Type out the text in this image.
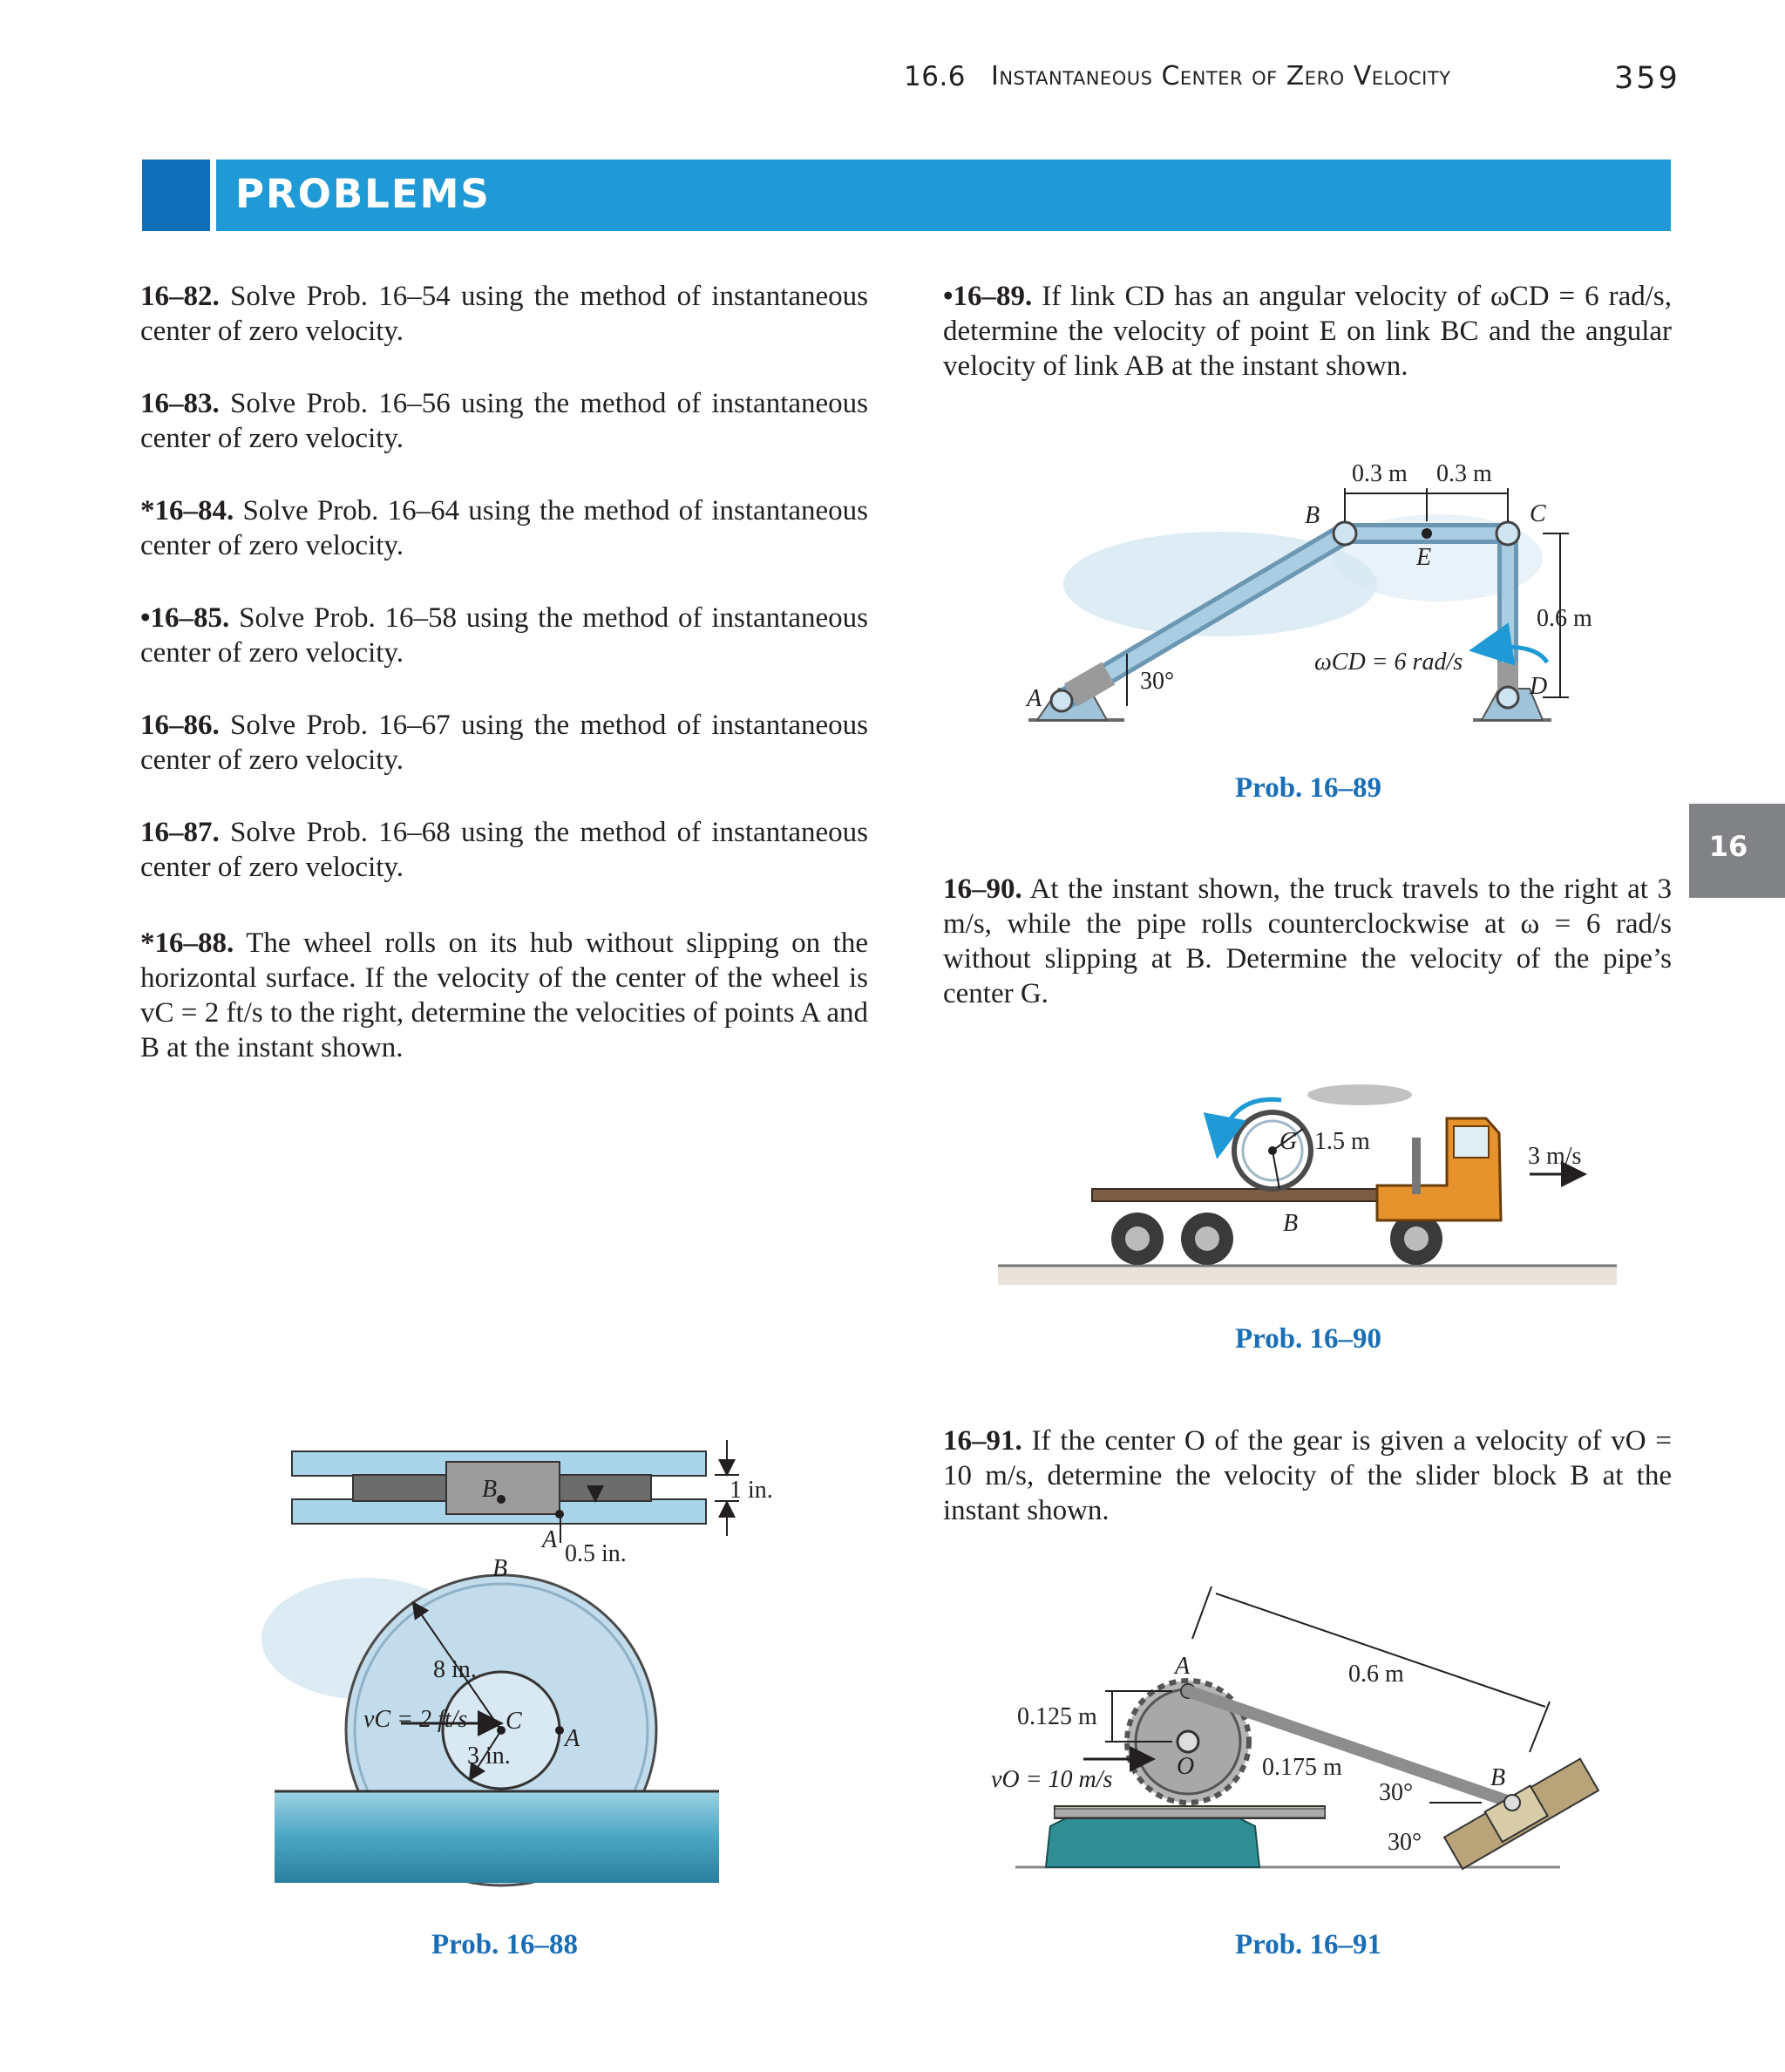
16.6 Instantaneous Center of Zero Velocity	359
PROBLEMS
16
16–82. Solve Prob. 16–54 using the method of instantaneous center of zero velocity.
16–83. Solve Prob. 16–56 using the method of instantaneous center of zero velocity.
*16–84. Solve Prob. 16–64 using the method of instantaneous center of zero velocity.
•16–85. Solve Prob. 16–58 using the method of instantaneous center of zero velocity.
16–86. Solve Prob. 16–67 using the method of instantaneous center of zero velocity.
16–87. Solve Prob. 16–68 using the method of instantaneous center of zero velocity.
*16–88. The wheel rolls on its hub without slipping on the horizontal surface. If the velocity of the center of the wheel is vC = 2 ft/s to the right, determine the velocities of points A and B at the instant shown.
•16–89. If link CD has an angular velocity of ωCD = 6 rad/s, determine the velocity of point E on link BC and the angular velocity of link AB at the instant shown.
16–90. At the instant shown, the truck travels to the right at 3 m/s, while the pipe rolls counterclockwise at ω = 6 rad/s without slipping at B. Determine the velocity of the pipe’s center G.
16–91. If the center O of the gear is given a velocity of vO = 10 m/s, determine the velocity of the slider block B at the instant shown.
Prob. 16–89
Prob. 16–90
Prob. 16–88	Prob. 16–91
0.3 m 0.3 m
B	C
E
0.6 m
ωCD = 6 rad/s
D
A
30°
G 1.5 m
B
3 m/s
B
A
0.5 in.
1 in.
B
8 in.
vC = 2 ft/s C
A
3 in.
A	0.6 m
0.125 m
vO = 10 m/s	O	0.175 m	B
30°
30°
